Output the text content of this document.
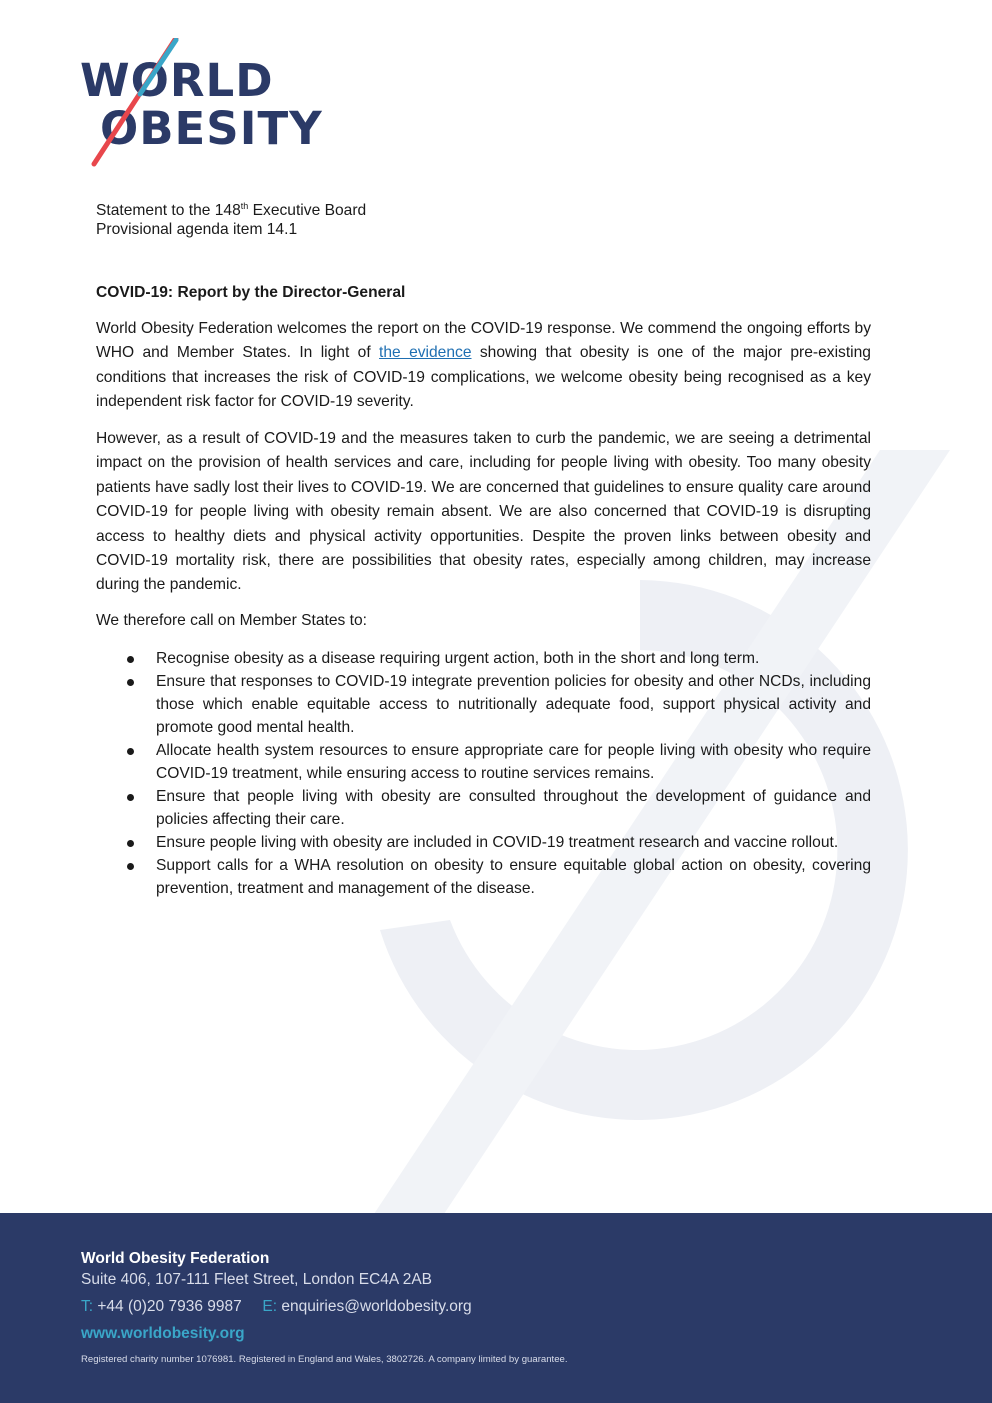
WORLD
OBESITY
Statement to the 148th Executive Board
Provisional agenda item 14.1
COVID-19: Report by the Director-General
World Obesity Federation welcomes the report on the COVID-19 response. We commend the ongoing efforts by WHO and Member States. In light of the evidence showing that obesity is one of the major pre-existing conditions that increases the risk of COVID-19 complications, we welcome obesity being recognised as a key independent risk factor for COVID-19 severity.
However, as a result of COVID-19 and the measures taken to curb the pandemic, we are seeing a detrimental impact on the provision of health services and care, including for people living with obesity. Too many obesity patients have sadly lost their lives to COVID-19. We are concerned that guidelines to ensure quality care around COVID-19 for people living with obesity remain absent. We are also concerned that COVID-19 is disrupting access to healthy diets and physical activity opportunities. Despite the proven links between obesity and COVID-19 mortality risk, there are possibilities that obesity rates, especially among children, may increase during the pandemic.
We therefore call on Member States to:
Recognise obesity as a disease requiring urgent action, both in the short and long term.
Ensure that responses to COVID-19 integrate prevention policies for obesity and other NCDs, including those which enable equitable access to nutritionally adequate food, support physical activity and promote good mental health.
Allocate health system resources to ensure appropriate care for people living with obesity who require COVID-19 treatment, while ensuring access to routine services remains.
Ensure that people living with obesity are consulted throughout the development of guidance and policies affecting their care.
Ensure people living with obesity are included in COVID-19 treatment research and vaccine rollout.
Support calls for a WHA resolution on obesity to ensure equitable global action on obesity, covering prevention, treatment and management of the disease.
World Obesity Federation
Suite 406, 107-111 Fleet Street, London EC4A 2AB
T: +44 (0)20 7936 9987 E: enquiries@worldobesity.org
www.worldobesity.org
Registered charity number 1076981. Registered in England and Wales, 3802726. A company limited by guarantee.
